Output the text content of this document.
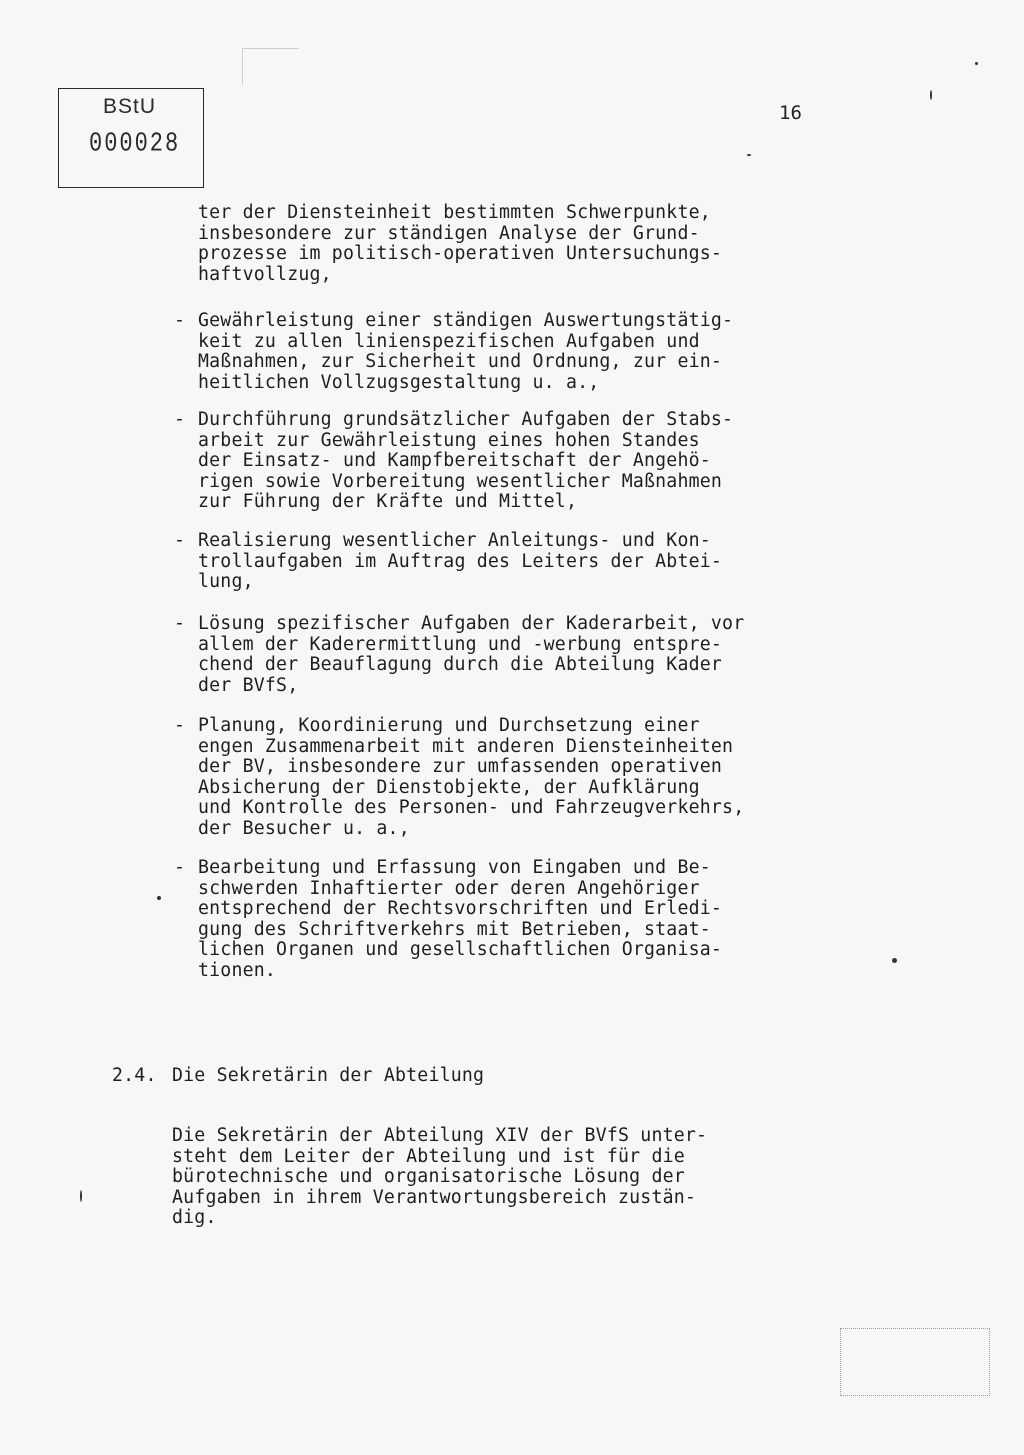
BStU
000028
16
ter der Diensteinheit bestimmten Schwerpunkte,
insbesondere zur ständigen Analyse der Grund-
prozesse im politisch-operativen Untersuchungs-
haftvollzug,
- Gewährleistung einer ständigen Auswertungstätig-
keit zu allen linienspezifischen Aufgaben und
Maßnahmen, zur Sicherheit und Ordnung, zur ein-
heitlichen Vollzugsgestaltung u. a.,
- Durchführung grundsätzlicher Aufgaben der Stabs-
arbeit zur Gewährleistung eines hohen Standes
der Einsatz- und Kampfbereitschaft der Angehö-
rigen sowie Vorbereitung wesentlicher Maßnahmen
zur Führung der Kräfte und Mittel,
- Realisierung wesentlicher Anleitungs- und Kon-
trollaufgaben im Auftrag des Leiters der Abtei-
lung,
- Lösung spezifischer Aufgaben der Kaderarbeit, vor
allem der Kaderermittlung und -werbung entspre-
chend der Beauflagung durch die Abteilung Kader
der BVfS,
- Planung, Koordinierung und Durchsetzung einer
engen Zusammenarbeit mit anderen Diensteinheiten
der BV, insbesondere zur umfassenden operativen
Absicherung der Dienstobjekte, der Aufklärung
und Kontrolle des Personen- und Fahrzeugverkehrs,
der Besucher u. a.,
- Bearbeitung und Erfassung von Eingaben und Be-
schwerden Inhaftierter oder deren Angehöriger
entsprechend der Rechtsvorschriften und Erledi-
gung des Schriftverkehrs mit Betrieben, staat-
lichen Organen und gesellschaftlichen Organisa-
tionen.
2.4. Die Sekretärin der Abteilung
Die Sekretärin der Abteilung XIV der BVfS unter-
steht dem Leiter der Abteilung und ist für die
bürotechnische und organisatorische Lösung der
Aufgaben in ihrem Verantwortungsbereich zustän-
dig.
